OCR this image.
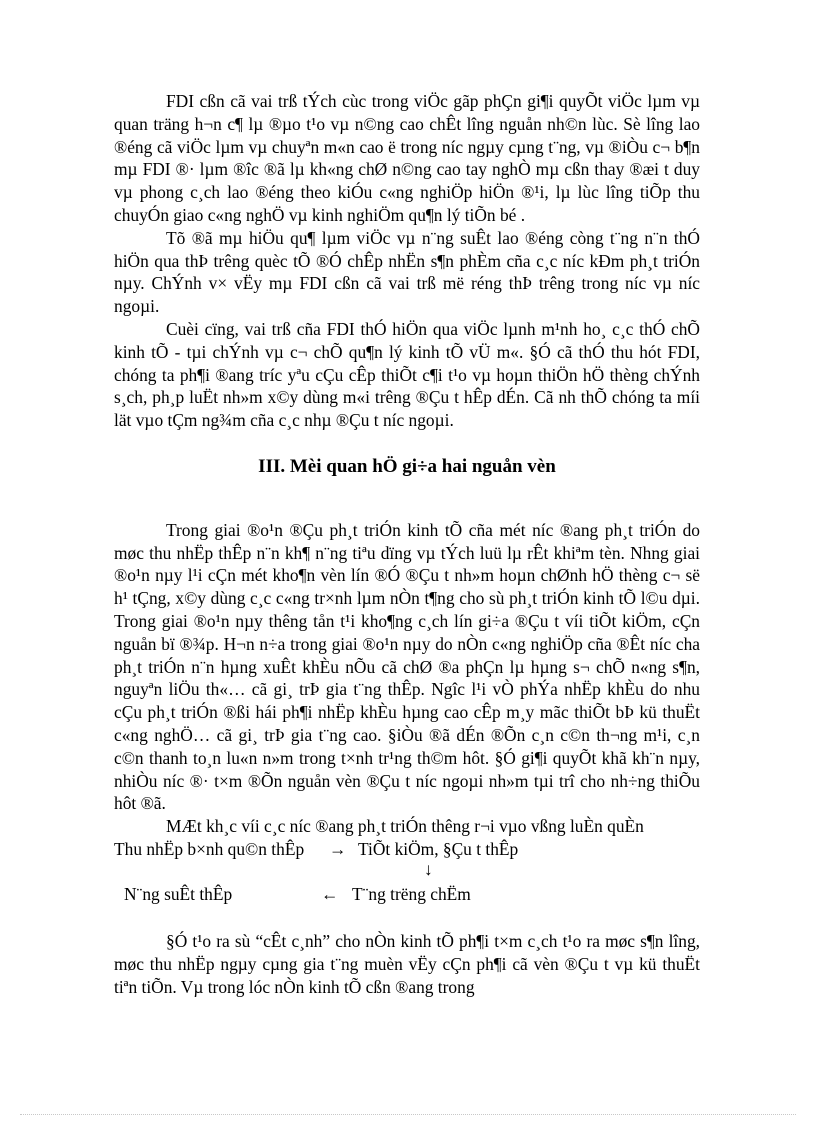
FDI cßn cã vai trß tÝch cùc trong viÖc gãp phÇn gi¶i quyÕt viÖc lµm vµ quan träng h¬n c¶ lµ ®µo t¹o vµ n©ng cao chÊt lîng nguån nh©n lùc. Sè lîng lao ®éng cã viÖc lµm vµ chuyªn m«n cao ë trong níc ngµy cµng t¨ng, vµ ®iÒu c¬ b¶n mµ FDI ®· lµm ®îc ®ã lµ kh«ng chØ n©ng cao tay nghÒ mµ cßn thay ®æi t duy vµ phong c¸ch lao ®éng theo kiÓu c«ng nghiÖp hiÖn ®¹i, lµ lùc lîng tiÕp thu chuyÓn giao c«ng nghÖ vµ kinh nghiÖm qu¶n lý tiÕn bé .

Tõ ®ã mµ hiÖu qu¶ lµm viÖc vµ n¨ng suÊt lao ®éng còng t¨ng n¨n thÓ hiÖn qua thÞ trêng quèc tÕ ®Ó chÊp nhËn s¶n phÈm cña c¸c níc kÐm ph¸t triÓn nµy. ChÝnh v× vËy mµ FDI cßn cã vai trß më réng thÞ trêng trong níc vµ níc ngoµi.

Cuèi cïng, vai trß cña FDI thÓ hiÖn qua viÖc lµnh m¹nh ho¸ c¸c thÓ chÕ kinh tÕ - tµi chÝnh vµ c¬ chÕ qu¶n lý kinh tÕ vÜ m«. §Ó cã thÓ thu hót FDI, chóng ta ph¶i ®ang tríc yªu cÇu cÊp thiÕt c¶i t¹o vµ hoµn thiÖn hÖ thèng chÝnh s¸ch, ph¸p luËt nh»m x©y dùng m«i trêng ®Çu t hÊp dÉn. Cã nh thÕ chóng ta míi lät vµo tÇm ng¾m cña c¸c nhµ ®Çu t níc ngoµi.

III. Mèi quan hÖ gi÷a hai nguån vèn

Trong giai ®o¹n ®Çu ph¸t triÓn kinh tÕ cña mét níc ®ang ph¸t triÓn do møc thu nhËp thÊp n¨n kh¶ n¨ng tiªu dïng vµ tÝch luü lµ rÊt khiªm tèn. Nhng giai ®o¹n nµy l¹i cÇn mét kho¶n vèn lín ®Ó ®Çu t nh»m hoµn chØnh hÖ thèng c¬ së h¹ tÇng, x©y dùng c¸c c«ng tr×nh lµm nÒn t¶ng cho sù ph¸t triÓn kinh tÕ l©u dµi. Trong giai ®o¹n nµy thêng tån t¹i kho¶ng c¸ch lín gi÷a ®Çu t víi tiÕt kiÖm, cÇn nguån bï ®¾p. H¬n n÷a trong giai ®o¹n nµy do nÒn c«ng nghiÖp cña ®Êt níc cha ph¸t triÓn n¨n hµng xuÊt khÈu nÕu cã chØ ®a phÇn lµ hµng s¬ chÕ n«ng s¶n, nguyªn liÖu th«… cã gi¸ trÞ gia t¨ng thÊp. Ngîc l¹i vÒ phÝa nhËp khÈu do nhu cÇu ph¸t triÓn ®ßi hái ph¶i nhËp khÈu hµng cao cÊp m¸y mãc thiÕt bÞ kü thuËt c«ng nghÖ… cã gi¸ trÞ gia t¨ng cao. §iÒu ®ã dÉn ®Õn c¸n c©n th¬ng m¹i, c¸n c©n thanh to¸n lu«n n»m trong t×nh tr¹ng th©m hôt. §Ó gi¶i quyÕt khã kh¨n nµy, nhiÒu níc ®· t×m ®Õn nguån vèn ®Çu t níc ngoµi nh»m tµi trî cho nh÷ng thiÕu hôt ®ã.

MÆt kh¸c víi c¸c níc ®ang ph¸t triÓn thêng r¬i vµo vßng luÈn quÈn

Thu nhËp b×nh qu©n thÊp → TiÕt kiÖm, §Çu t thÊp
↓
N¨ng suÊt thÊp	← T¨ng trëng chËm

§Ó t¹o ra sù “cÊt c¸nh” cho nÒn kinh tÕ ph¶i t×m c¸ch t¹o ra møc s¶n lîng, møc thu nhËp ngµy cµng gia t¨ng muèn vËy cÇn ph¶i cã vèn ®Çu t vµ kü thuËt tiªn tiÕn. Vµ trong lóc nÒn kinh tÕ cßn ®ang trong
